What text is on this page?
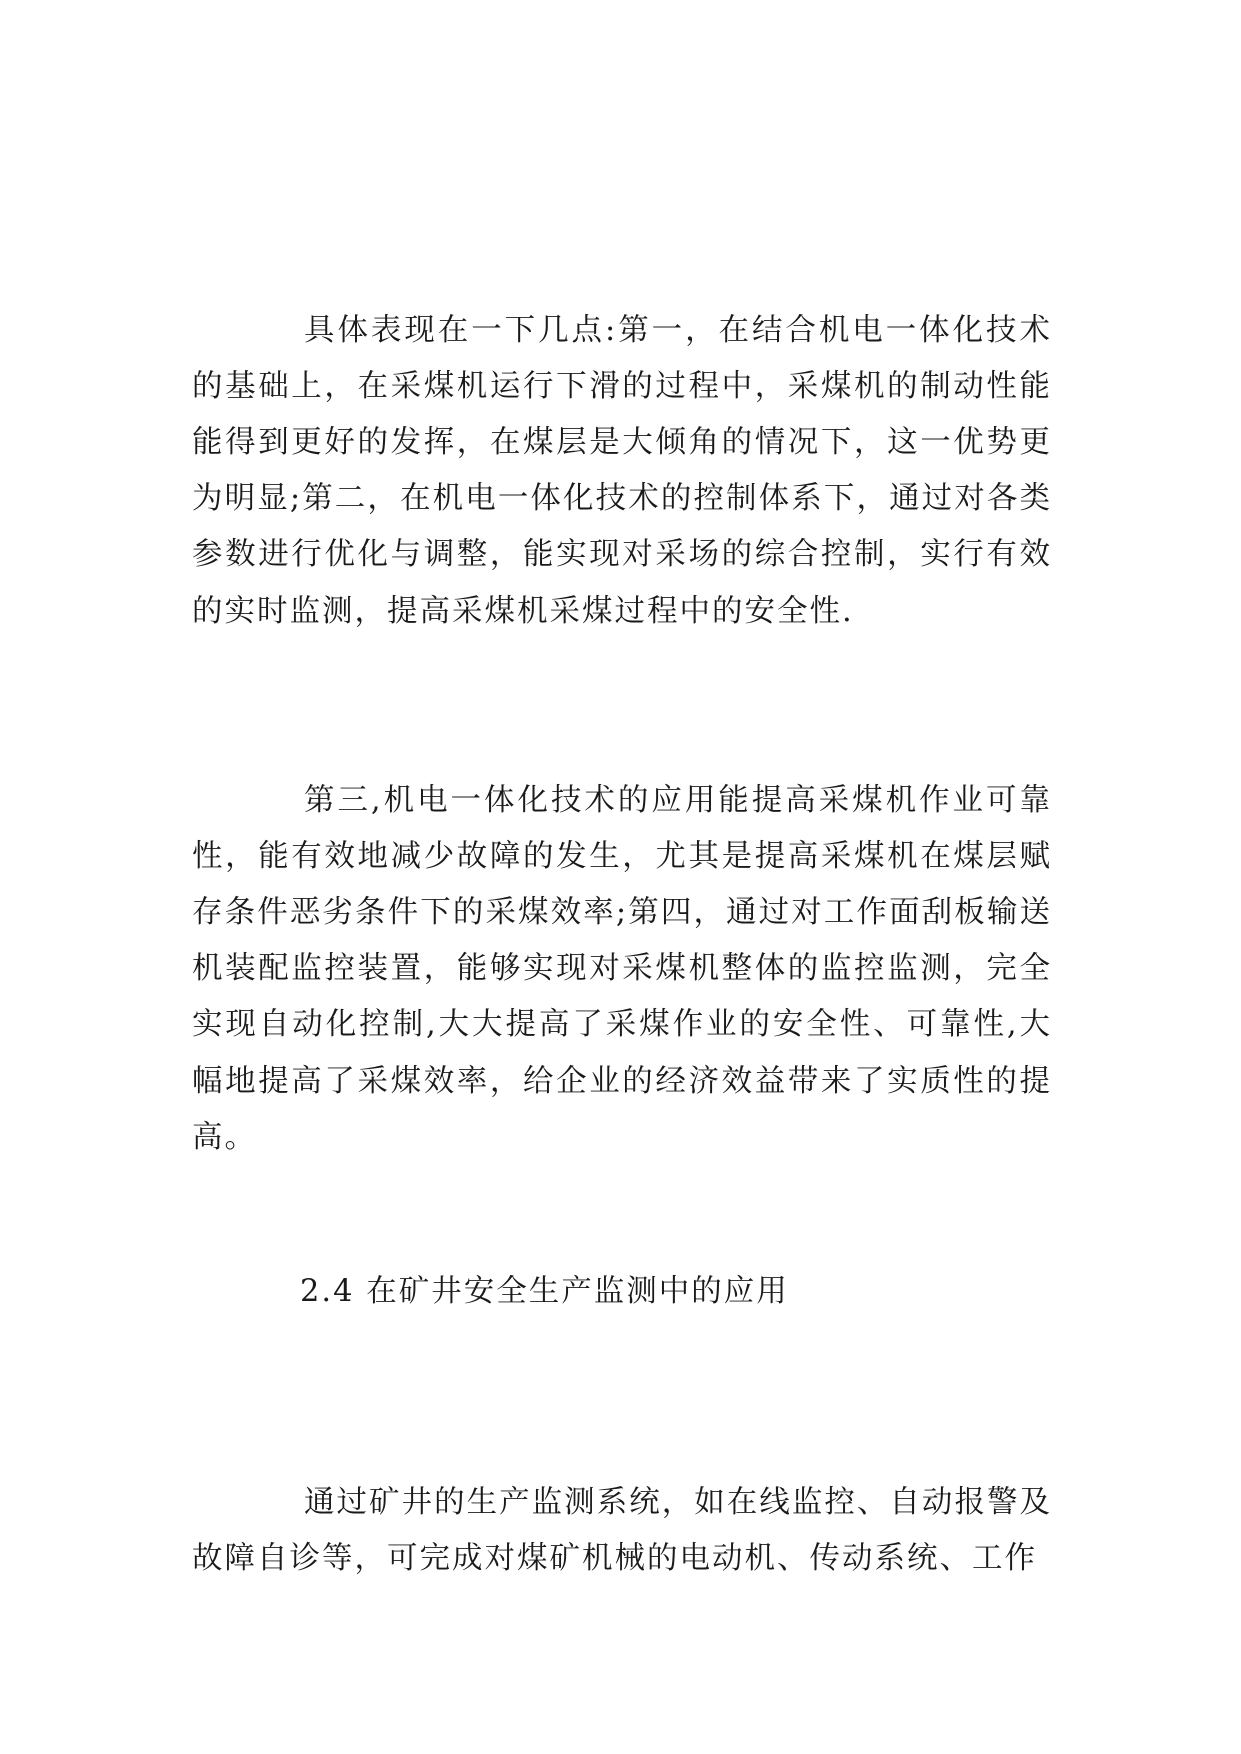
具体表现在一下几点:第一，在结合机电一体化技术的基础上，在采煤机运行下滑的过程中，采煤机的制动性能能得到更好的发挥，在煤层是大倾角的情况下，这一优势更为明显;第二，在机电一体化技术的控制体系下，通过对各类参数进行优化与调整，能实现对采场的综合控制，实行有效的实时监测，提高采煤机采煤过程中的安全性.

第三,机电一体化技术的应用能提高采煤机作业可靠性，能有效地减少故障的发生，尤其是提高采煤机在煤层赋存条件恶劣条件下的采煤效率;第四，通过对工作面刮板输送机装配监控装置，能够实现对采煤机整体的监控监测，完全实现自动化控制,大大提高了采煤作业的安全性、可靠性,大幅地提高了采煤效率，给企业的经济效益带来了实质性的提高。

2.4 在矿井安全生产监测中的应用

通过矿井的生产监测系统，如在线监控、自动报警及故障自诊等，可完成对煤矿机械的电动机、传动系统、工作
